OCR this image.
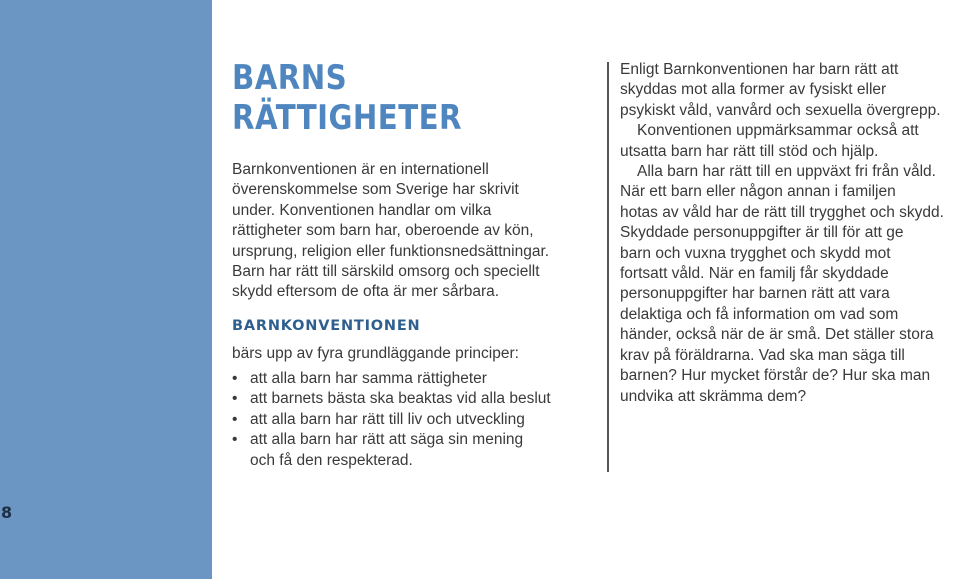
8
BARNS
RÄTTIGHETER
Barnkonventionen är en internationell
överenskommelse som Sverige har skrivit
under. Konventionen handlar om vilka
rättigheter som barn har, oberoende av kön,
ursprung, religion eller funktionsnedsättningar.
Barn har rätt till särskild omsorg och speciellt
skydd eftersom de ofta är mer sårbara.
BARNKONVENTIONEN

bärs upp av fyra grundläggande principer:

• att alla barn har samma rättigheter
• att barnets bästa ska beaktas vid alla beslut
• att alla barn har rätt till liv och utveckling
• att alla barn har rätt att säga sin mening
och få den respekterad.
Enligt Barnkonventionen har barn rätt att
skyddas mot alla former av fysiskt eller
psykiskt våld, vanvård och sexuella övergrepp.
Konventionen uppmärksammar också att
utsatta barn har rätt till stöd och hjälp.
Alla barn har rätt till en uppväxt fri från våld.
När ett barn eller någon annan i familjen
hotas av våld har de rätt till trygghet och skydd.
Skyddade personuppgifter är till för att ge
barn och vuxna trygghet och skydd mot
fortsatt våld. När en familj får skyddade
personuppgifter har barnen rätt att vara
delaktiga och få information om vad som
händer, också när de är små. Det ställer stora
krav på föräldrarna. Vad ska man säga till
barnen? Hur mycket förstår de? Hur ska man
undvika att skrämma dem?
